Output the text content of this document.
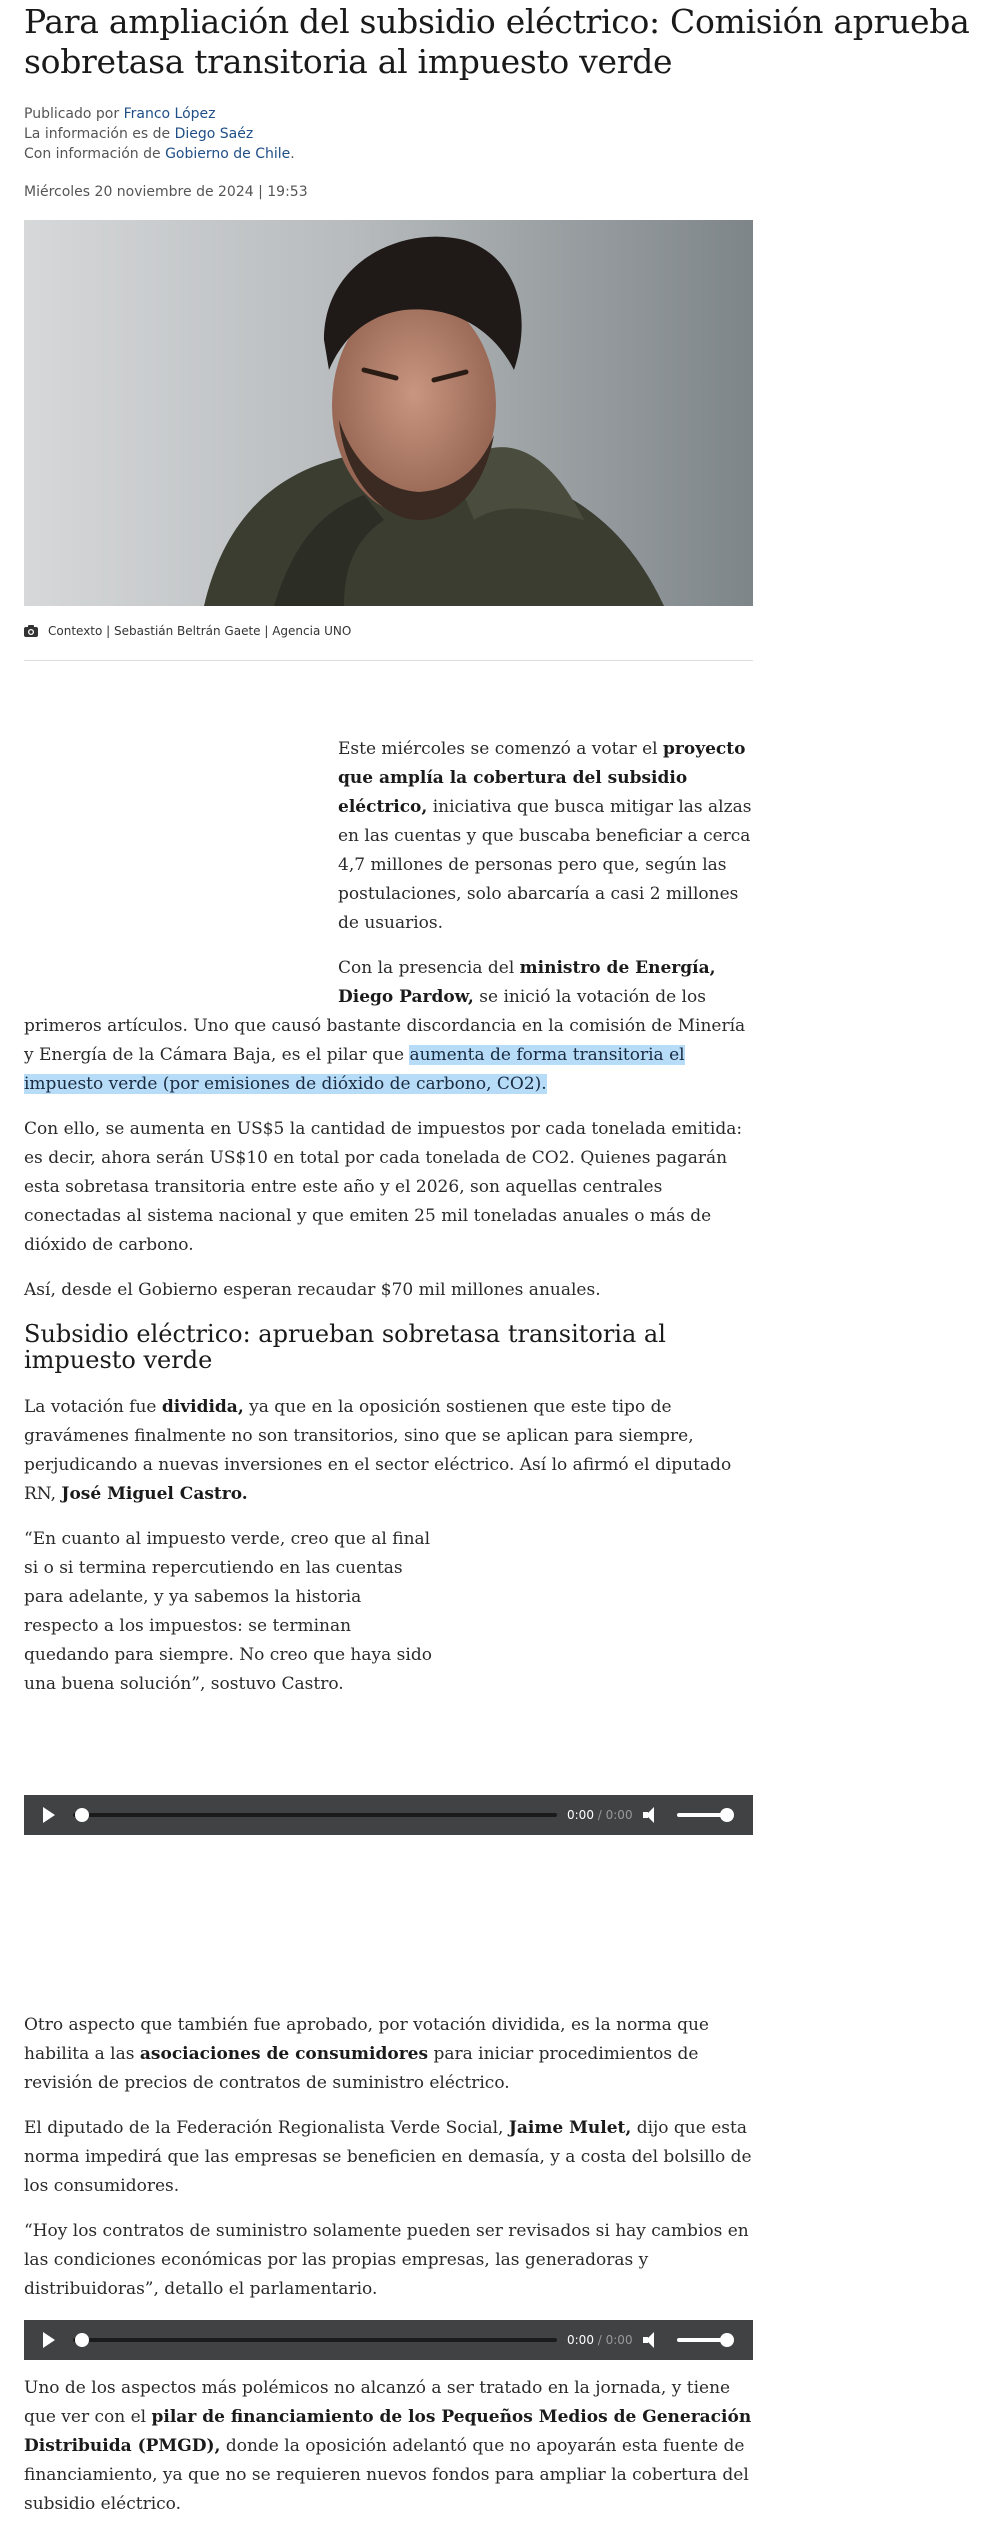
Para ampliación del subsidio eléctrico: Comisión aprueba sobretasa transitoria al impuesto verde
Publicado por Franco López
La información es de Diego Saéz
Con información de Gobierno de Chile.
Miércoles 20 noviembre de 2024 | 19:53
Contexto | Sebastián Beltrán Gaete | Agencia UNO

Este miércoles se comenzó a votar el proyecto que amplía la cobertura del subsidio eléctrico, iniciativa que busca mitigar las alzas en las cuentas y que buscaba beneficiar a cerca 4,7 millones de personas pero que, según las postulaciones, solo abarcaría a casi 2 millones de usuarios.

Con la presencia del ministro de Energía, Diego Pardow, se inició la votación de los primeros artículos. Uno que causó bastante discordancia en la comisión de Minería y Energía de la Cámara Baja, es el pilar que aumenta de forma transitoria el impuesto verde (por emisiones de dióxido de carbono, CO2).

Con ello, se aumenta en US$5 la cantidad de impuestos por cada tonelada emitida: es decir, ahora serán US$10 en total por cada tonelada de CO2. Quienes pagarán esta sobretasa transitoria entre este año y el 2026, son aquellas centrales conectadas al sistema nacional y que emiten 25 mil toneladas anuales o más de dióxido de carbono.

Así, desde el Gobierno esperan recaudar $70 mil millones anuales.

Subsidio eléctrico: aprueban sobretasa transitoria al impuesto verde

La votación fue dividida, ya que en la oposición sostienen que este tipo de gravámenes finalmente no son transitorios, sino que se aplican para siempre, perjudicando a nuevas inversiones en el sector eléctrico. Así lo afirmó el diputado RN, José Miguel Castro.

“En cuanto al impuesto verde, creo que al final si o si termina repercutiendo en las cuentas para adelante, y ya sabemos la historia respecto a los impuestos: se terminan quedando para siempre. No creo que haya sido una buena solución”, sostuvo Castro.

0:00 / 0:00

Otro aspecto que también fue aprobado, por votación dividida, es la norma que habilita a las asociaciones de consumidores para iniciar procedimientos de revisión de precios de contratos de suministro eléctrico.

El diputado de la Federación Regionalista Verde Social, Jaime Mulet, dijo que esta norma impedirá que las empresas se beneficien en demasía, y a costa del bolsillo de los consumidores.

“Hoy los contratos de suministro solamente pueden ser revisados si hay cambios en las condiciones económicas por las propias empresas, las generadoras y distribuidoras”, detallo el parlamentario.

0:00 / 0:00

Uno de los aspectos más polémicos no alcanzó a ser tratado en la jornada, y tiene que ver con el pilar de financiamiento de los Pequeños Medios de Generación Distribuida (PMGD), donde la oposición adelantó que no apoyarán esta fuente de financiamiento, ya que no se requieren nuevos fondos para ampliar la cobertura del subsidio eléctrico.
